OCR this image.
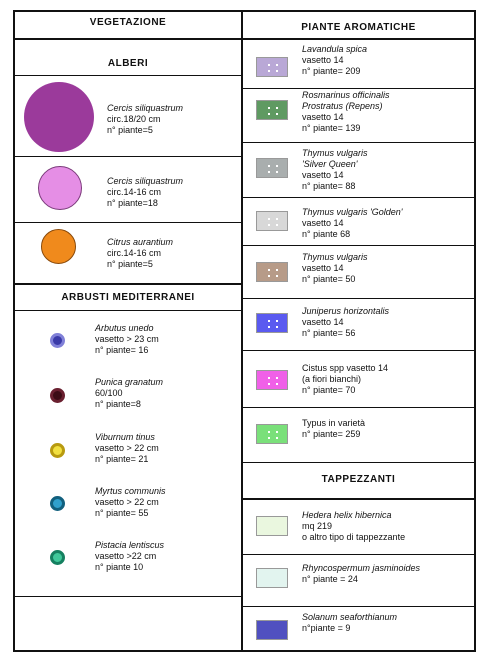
VEGETAZIONE
ALBERI
Cercis siliquastrum
circ.18/20 cm
n° piante=5
Cercis siliquastrum
circ.14-16 cm
n° piante=18
Citrus aurantium
circ.14-16 cm
n° piante=5
ARBUSTI MEDITERRANEI
Arbutus unedo
vasetto > 23 cm
n° piante= 16
Punica granatum
60/100
n° piante=8
Viburnum tinus
vasetto > 22 cm
n° piante= 21
Myrtus communis
vasetto > 22 cm
n° piante= 55
Pistacia lentiscus
vasetto >22 cm
n° piante 10
PIANTE AROMATICHE
Lavandula spica
vasetto 14
n° piante= 209
Rosmarinus officinalis
Prostratus (Repens)
vasetto 14
n° piante= 139
Thymus vulgaris
'Silver Queen'
vasetto 14
n° piante= 88
Thymus vulgaris 'Golden'
vasetto 14
n° piante 68
Thymus vulgaris
vasetto 14
n° piante= 50
Juniperus horizontalis
vasetto 14
n° piante= 56
Cistus spp vasetto 14
(a fiori bianchi)
n° piante= 70
Typus in varietà
n° piante= 259
TAPPEZZANTI
Hedera helix hibernica
mq 219
o altro tipo di tappezzante
Rhyncospermum jasminoides
n° piante = 24
Solanum seaforthianum
n°piante = 9
